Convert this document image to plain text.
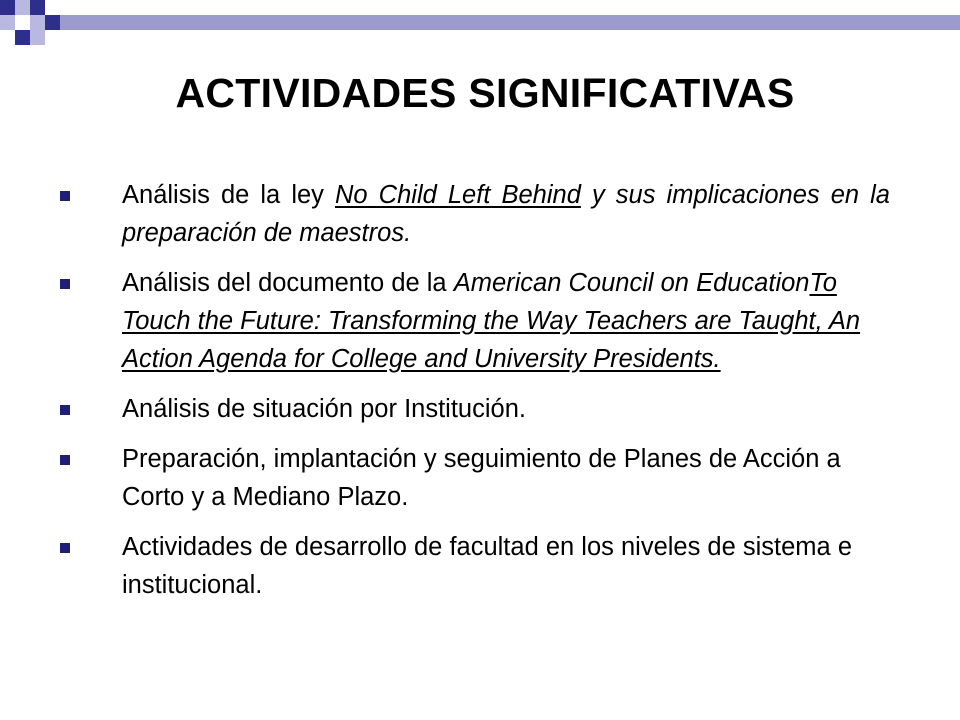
ACTIVIDADES SIGNIFICATIVAS
Análisis de la ley No Child Left Behind y sus implicaciones en la preparación de maestros.
Análisis del documento de la American Council on EducationTo Touch the Future: Transforming the Way Teachers are Taught, An Action Agenda for College and University Presidents.
Análisis de situación por Institución.
Preparación, implantación y seguimiento de Planes de Acción a Corto y a Mediano Plazo.
Actividades de desarrollo de facultad en los niveles de sistema e institucional.
